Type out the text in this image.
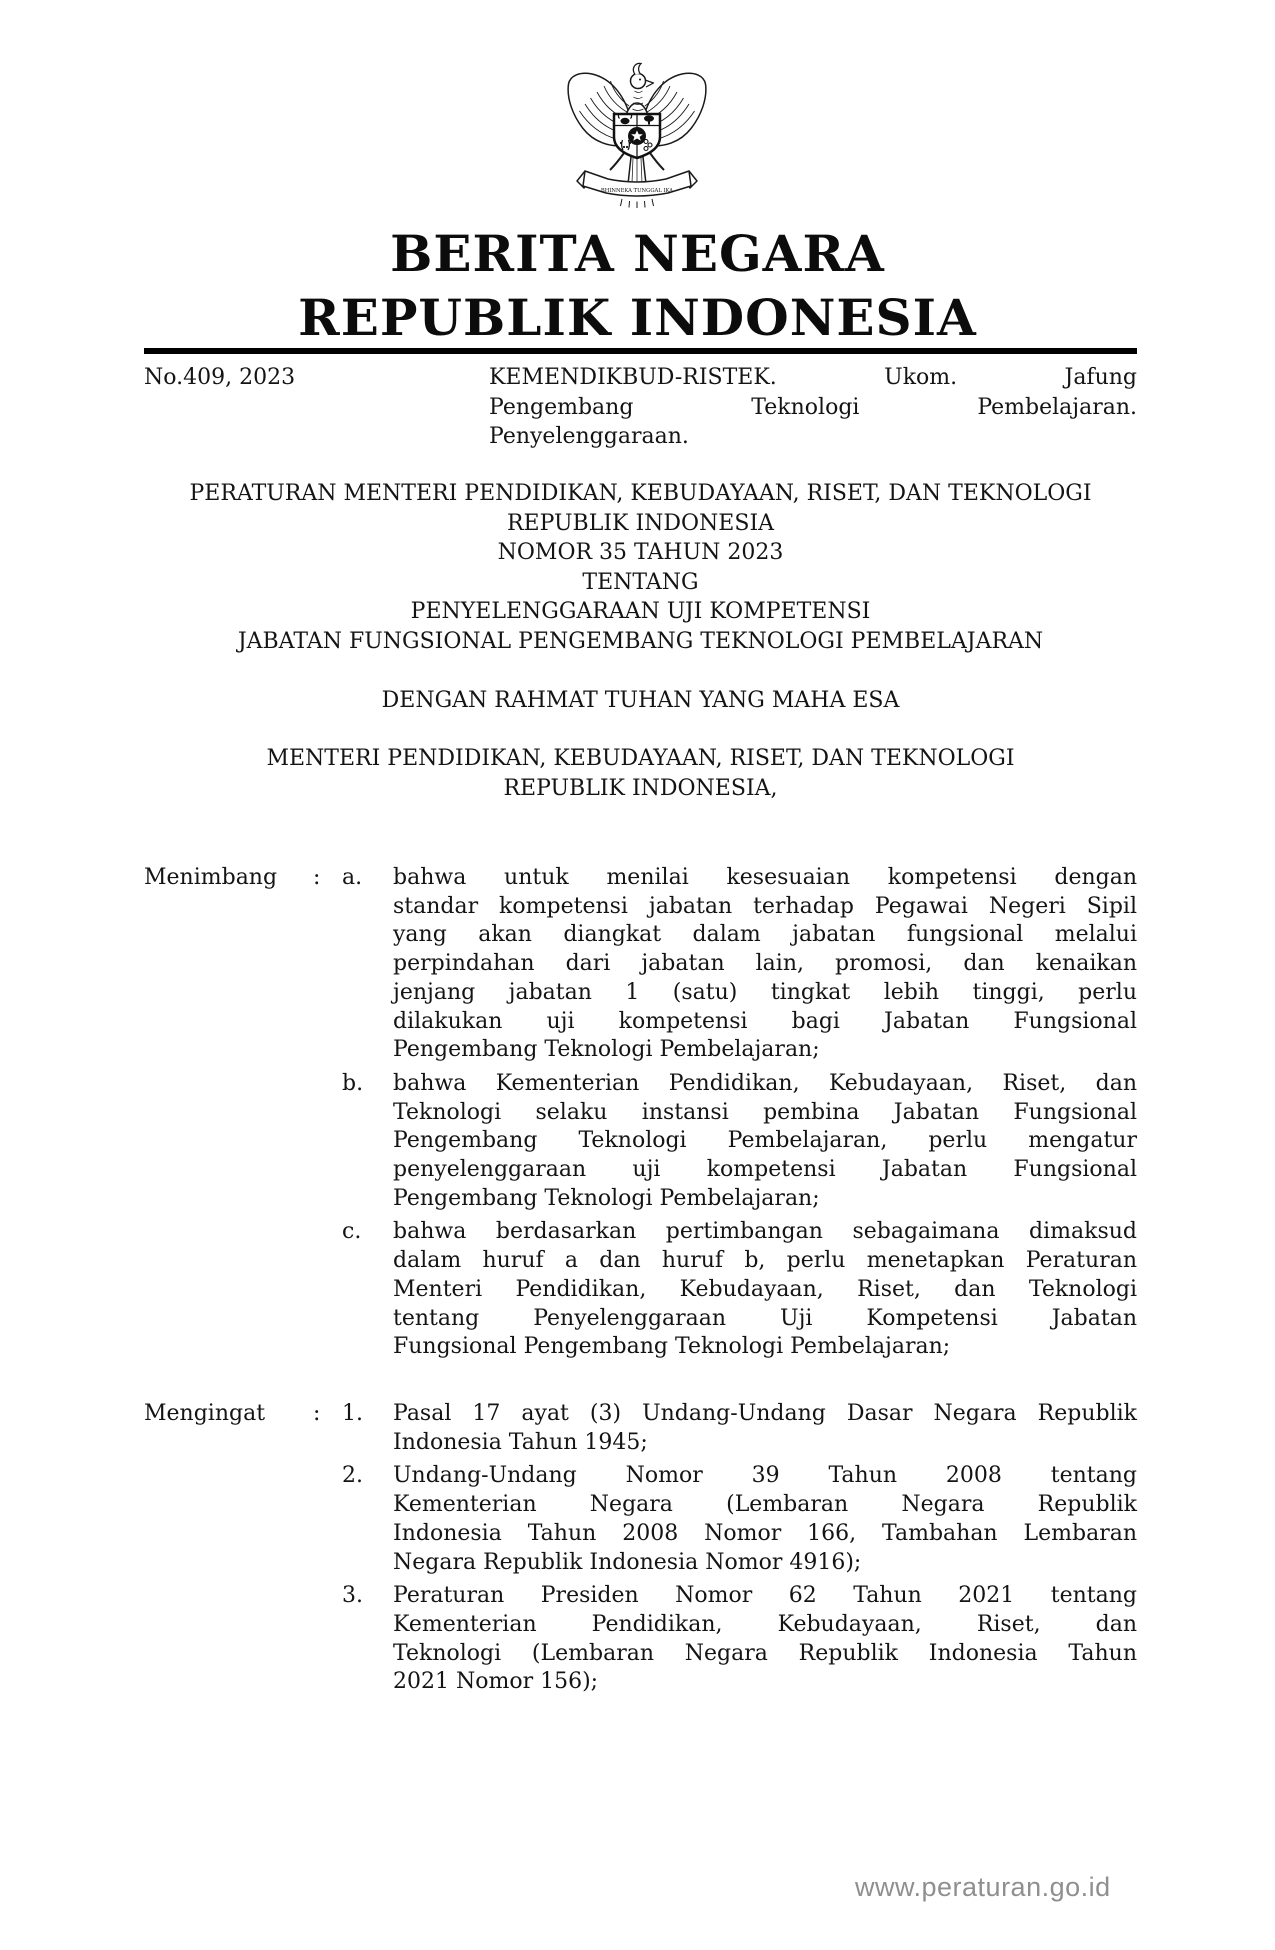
BHINNEKA TUNGGAL IKA
BERITA NEGARA
REPUBLIK INDONESIA
No.409, 2023	KEMENDIKBUD-RISTEK. Ukom. Jafung
Pengembang Teknologi Pembelajaran.
Penyelenggaraan.
PERATURAN MENTERI PENDIDIKAN, KEBUDAYAAN, RISET, DAN TEKNOLOGI
REPUBLIK INDONESIA
NOMOR 35 TAHUN 2023
TENTANG
PENYELENGGARAAN UJI KOMPETENSI
JABATAN FUNGSIONAL PENGEMBANG TEKNOLOGI PEMBELAJARAN
DENGAN RAHMAT TUHAN YANG MAHA ESA
MENTERI PENDIDIKAN, KEBUDAYAAN, RISET, DAN TEKNOLOGI
REPUBLIK INDONESIA,
Menimbang	: a.	bahwa untuk menilai kesesuaian kompetensi dengan
standar kompetensi jabatan terhadap Pegawai Negeri Sipil
yang akan diangkat dalam jabatan fungsional melalui
perpindahan dari jabatan lain, promosi, dan kenaikan
jenjang jabatan 1 (satu) tingkat lebih tinggi, perlu
dilakukan uji kompetensi bagi Jabatan Fungsional
Pengembang Teknologi Pembelajaran;
b.	bahwa Kementerian Pendidikan, Kebudayaan, Riset, dan
Teknologi selaku instansi pembina Jabatan Fungsional
Pengembang Teknologi Pembelajaran, perlu mengatur
penyelenggaraan uji kompetensi Jabatan Fungsional
Pengembang Teknologi Pembelajaran;
c.	bahwa berdasarkan pertimbangan sebagaimana dimaksud
dalam huruf a dan huruf b, perlu menetapkan Peraturan
Menteri Pendidikan, Kebudayaan, Riset, dan Teknologi
tentang Penyelenggaraan Uji Kompetensi Jabatan
Fungsional Pengembang Teknologi Pembelajaran;
Mengingat	: 1.	Pasal 17 ayat (3) Undang-Undang Dasar Negara Republik
Indonesia Tahun 1945;
2.	Undang-Undang Nomor 39 Tahun 2008 tentang
Kementerian Negara (Lembaran Negara Republik
Indonesia Tahun 2008 Nomor 166, Tambahan Lembaran
Negara Republik Indonesia Nomor 4916);
3.	Peraturan Presiden Nomor 62 Tahun 2021 tentang
Kementerian Pendidikan, Kebudayaan, Riset, dan
Teknologi (Lembaran Negara Republik Indonesia Tahun
2021 Nomor 156);
www.peraturan.go.id
